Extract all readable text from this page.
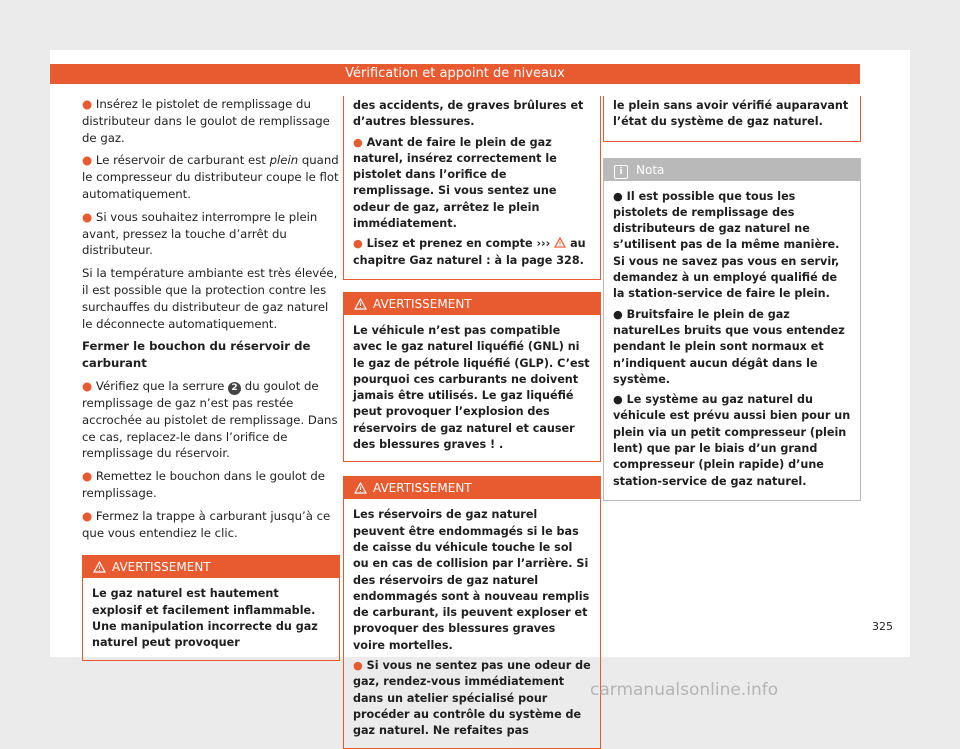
Vérification et appoint de niveaux

● Insérez le pistolet de remplissage du distributeur dans le goulot de remplissage de gaz.

● Le réservoir de carburant est plein quand le compresseur du distributeur coupe le flot automatiquement.

● Si vous souhaitez interrompre le plein avant, pressez la touche d’arrêt du distributeur.

Si la température ambiante est très élevée, il est possible que la protection contre les surchauffes du distributeur de gaz naturel le déconnecte automatiquement.

Fermer le bouchon du réservoir de carburant

● Vérifiez que la serrure 2 du goulot de remplissage de gaz n’est pas restée accrochée au pistolet de remplissage. Dans ce cas, replacez-le dans l’orifice de remplissage du réservoir.

● Remettez le bouchon dans le goulot de remplissage.

● Fermez la trappe à carburant jusqu’à ce que vous entendiez le clic.

AVERTISSEMENT

Le gaz naturel est hautement explosif et facilement inflammable. Une manipulation incorrecte du gaz naturel peut provoquer

des accidents, de graves brûlures et d’autres blessures.

● Avant de faire le plein de gaz naturel, insérez correctement le pistolet dans l’orifice de remplissage. Si vous sentez une odeur de gaz, arrêtez le plein immédiatement.

● Lisez et prenez en compte ›››  au chapitre Gaz naturel : à la page 328.

AVERTISSEMENT

Le véhicule n’est pas compatible avec le gaz naturel liquéfié (GNL) ni le gaz de pétrole liquéfié (GLP). C’est pourquoi ces carburants ne doivent jamais être utilisés. Le gaz liquéfié peut provoquer l’explosion des réservoirs de gaz naturel et causer des blessures graves ! .

AVERTISSEMENT

Les réservoirs de gaz naturel peuvent être endommagés si le bas de caisse du véhicule touche le sol ou en cas de collision par l’arrière. Si des réservoirs de gaz naturel endommagés sont à nouveau remplis de carburant, ils peuvent exploser et provoquer des blessures graves voire mortelles.

● Si vous ne sentez pas une odeur de gaz, rendez-vous immédiatement dans un atelier spécialisé pour procéder au contrôle du système de gaz naturel. Ne refaites pas

le plein sans avoir vérifié auparavant l’état du système de gaz naturel.

i Nota

● Il est possible que tous les pistolets de remplissage des distributeurs de gaz naturel ne s’utilisent pas de la même manière. Si vous ne savez pas vous en servir, demandez à un employé qualifié de la station-service de faire le plein.

● Bruitsfaire le plein de gaz naturelLes bruits que vous entendez pendant le plein sont normaux et n’indiquent aucun dégât dans le système.

● Le système au gaz naturel du véhicule est prévu aussi bien pour un plein via un petit compresseur (plein lent) que par le biais d’un grand compresseur (plein rapide) d’une station-service de gaz naturel.

325
carmanualsonline.info
